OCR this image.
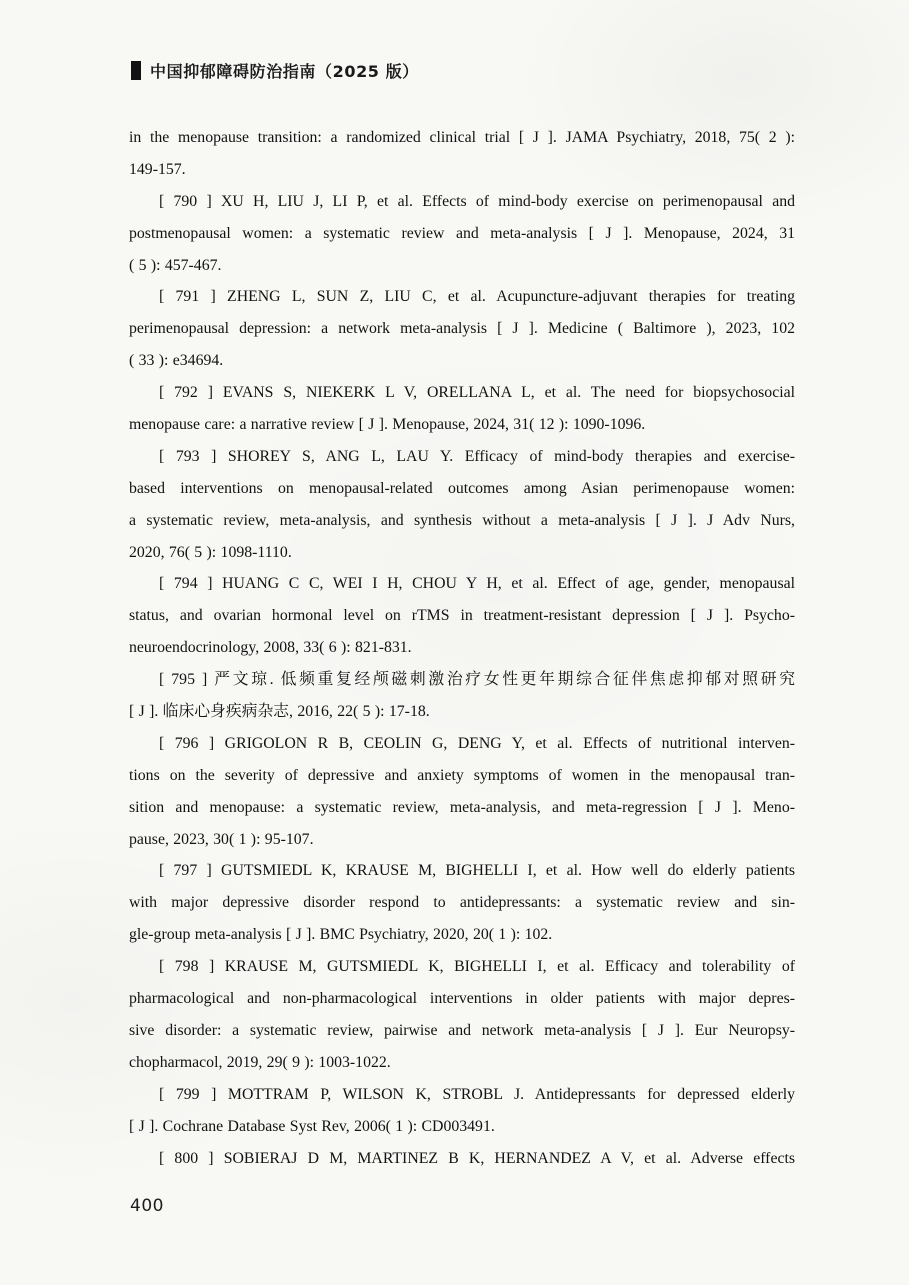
中国抑郁障碍防治指南（2025 版）
in the menopause transition: a randomized clinical trial [ J ]. JAMA Psychiatry, 2018, 75( 2 ):
149-157.
[ 790 ] XU H, LIU J, LI P, et al. Effects of mind-body exercise on perimenopausal and
postmenopausal women: a systematic review and meta-analysis [ J ]. Menopause, 2024, 31
( 5 ): 457-467.
[ 791 ] ZHENG L, SUN Z, LIU C, et al. Acupuncture-adjuvant therapies for treating
perimenopausal depression: a network meta-analysis [ J ]. Medicine ( Baltimore ), 2023, 102
( 33 ): e34694.
[ 792 ] EVANS S, NIEKERK L V, ORELLANA L, et al. The need for biopsychosocial
menopause care: a narrative review [ J ]. Menopause, 2024, 31( 12 ): 1090-1096.
[ 793 ] SHOREY S, ANG L, LAU Y. Efficacy of mind-body therapies and exercise-
based interventions on menopausal-related outcomes among Asian perimenopause women:
a systematic review, meta-analysis, and synthesis without a meta-analysis [ J ]. J Adv Nurs,
2020, 76( 5 ): 1098-1110.
[ 794 ] HUANG C C, WEI I H, CHOU Y H, et al. Effect of age, gender, menopausal
status, and ovarian hormonal level on rTMS in treatment-resistant depression [ J ]. Psycho-
neuroendocrinology, 2008, 33( 6 ): 821-831.
[ 795 ] 严文琼. 低频重复经颅磁刺激治疗女性更年期综合征伴焦虑抑郁对照研究
[ J ]. 临床心身疾病杂志, 2016, 22( 5 ): 17-18.
[ 796 ] GRIGOLON R B, CEOLIN G, DENG Y, et al. Effects of nutritional interven-
tions on the severity of depressive and anxiety symptoms of women in the menopausal tran-
sition and menopause: a systematic review, meta-analysis, and meta-regression [ J ]. Meno-
pause, 2023, 30( 1 ): 95-107.
[ 797 ] GUTSMIEDL K, KRAUSE M, BIGHELLI I, et al. How well do elderly patients
with major depressive disorder respond to antidepressants: a systematic review and sin-
gle-group meta-analysis [ J ]. BMC Psychiatry, 2020, 20( 1 ): 102.
[ 798 ] KRAUSE M, GUTSMIEDL K, BIGHELLI I, et al. Efficacy and tolerability of
pharmacological and non-pharmacological interventions in older patients with major depres-
sive disorder: a systematic review, pairwise and network meta-analysis [ J ]. Eur Neuropsy-
chopharmacol, 2019, 29( 9 ): 1003-1022.
[ 799 ] MOTTRAM P, WILSON K, STROBL J. Antidepressants for depressed elderly
[ J ]. Cochrane Database Syst Rev, 2006( 1 ): CD003491.
[ 800 ] SOBIERAJ D M, MARTINEZ B K, HERNANDEZ A V, et al. Adverse effects
400
